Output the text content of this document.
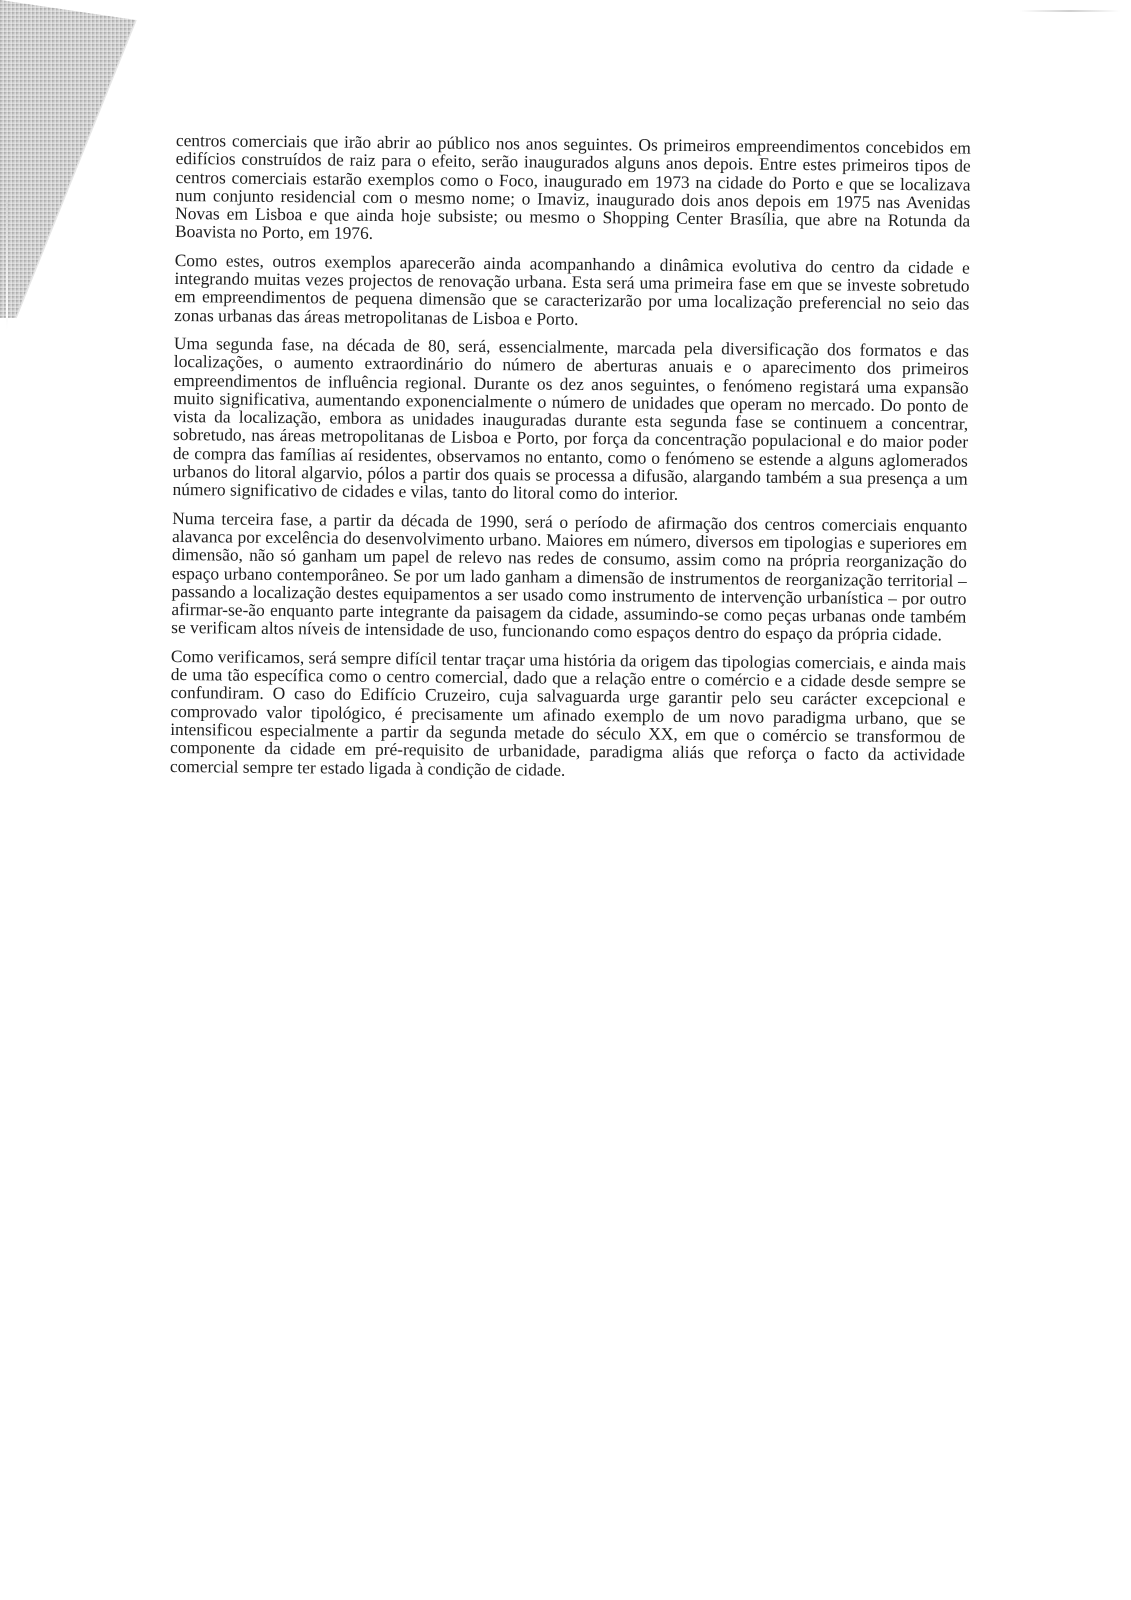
centros comerciais que irão abrir ao público nos anos seguintes. Os primeiros empreendimentos concebidos em edifícios construídos de raiz para o efeito, serão inaugurados alguns anos depois. Entre estes primeiros tipos de centros comerciais estarão exemplos como o Foco, inaugurado em 1973 na cidade do Porto e que se localizava num conjunto residencial com o mesmo nome; o Imaviz, inaugurado dois anos depois em 1975 nas Avenidas Novas em Lisboa e que ainda hoje subsiste; ou mesmo o Shopping Center Brasília, que abre na Rotunda da Boavista no Porto, em 1976.

Como estes, outros exemplos aparecerão ainda acompanhando a dinâmica evolutiva do centro da cidade e integrando muitas vezes projectos de renovação urbana. Esta será uma primeira fase em que se investe sobretudo em empreendimentos de pequena dimensão que se caracterizarão por uma localização preferencial no seio das zonas urbanas das áreas metropolitanas de Lisboa e Porto.

Uma segunda fase, na década de 80, será, essencialmente, marcada pela diversificação dos formatos e das localizações, o aumento extraordinário do número de aberturas anuais e o aparecimento dos primeiros empreendimentos de influência regional. Durante os dez anos seguintes, o fenómeno registará uma expansão muito significativa, aumentando exponencialmente o número de unidades que operam no mercado. Do ponto de vista da localização, embora as unidades inauguradas durante esta segunda fase se continuem a concentrar, sobretudo, nas áreas metropolitanas de Lisboa e Porto, por força da concentração populacional e do maior poder de compra das famílias aí residentes, observamos no entanto, como o fenómeno se estende a alguns aglomerados urbanos do litoral algarvio, pólos a partir dos quais se processa a difusão, alargando também a sua presença a um número significativo de cidades e vilas, tanto do litoral como do interior.

Numa terceira fase, a partir da década de 1990, será o período de afirmação dos centros comerciais enquanto alavanca por excelência do desenvolvimento urbano. Maiores em número, diversos em tipologias e superiores em dimensão, não só ganham um papel de relevo nas redes de consumo, assim como na própria reorganização do espaço urbano contemporâneo. Se por um lado ganham a dimensão de instrumentos de reorganização territorial – passando a localização destes equipamentos a ser usado como instrumento de intervenção urbanística – por outro afirmar-se-ão enquanto parte integrante da paisagem da cidade, assumindo-se como peças urbanas onde também se verificam altos níveis de intensidade de uso, funcionando como espaços dentro do espaço da própria cidade.

Como verificamos, será sempre difícil tentar traçar uma história da origem das tipologias comerciais, e ainda mais de uma tão específica como o centro comercial, dado que a relação entre o comércio e a cidade desde sempre se confundiram. O caso do Edifício Cruzeiro, cuja salvaguarda urge garantir pelo seu carácter excepcional e comprovado valor tipológico, é precisamente um afinado exemplo de um novo paradigma urbano, que se intensificou especialmente a partir da segunda metade do século XX, em que o comércio se transformou de componente da cidade em pré-requisito de urbanidade, paradigma aliás que reforça o facto da actividade comercial sempre ter estado ligada à condição de cidade.
